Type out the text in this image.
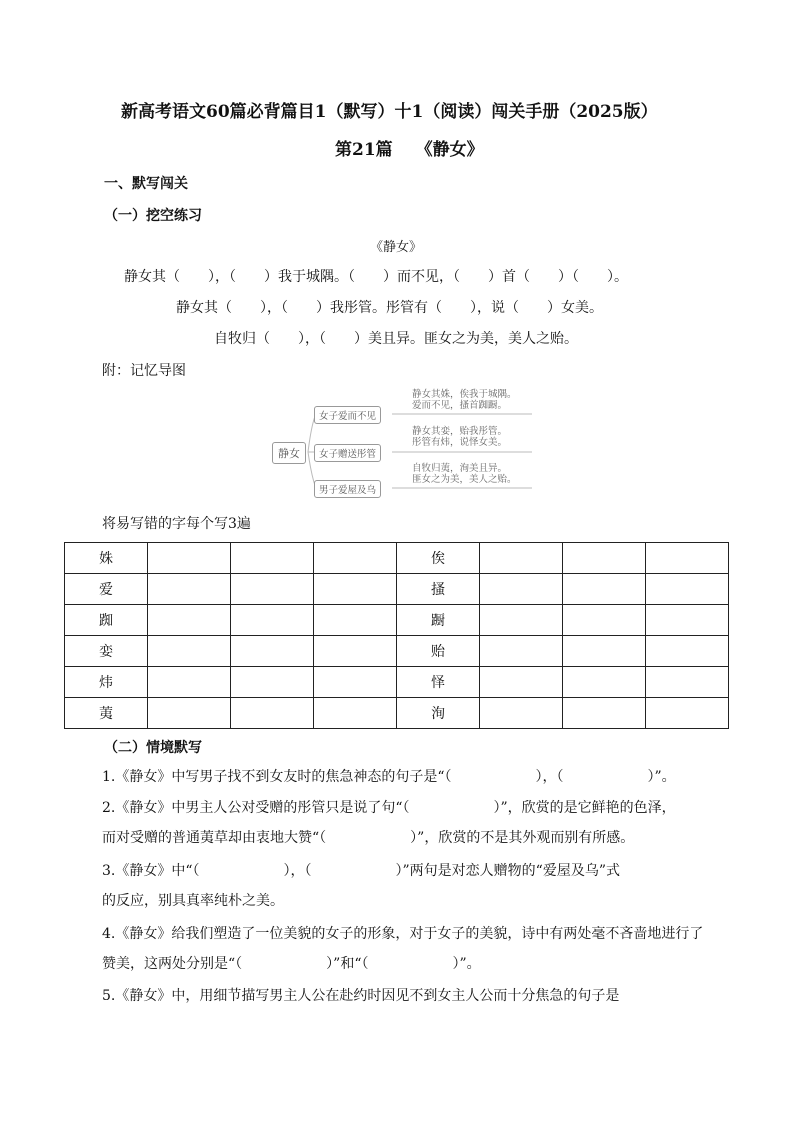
新高考语文60篇必背篇目1（默写）十1（阅读）闯关手册（2025版）
第21篇　 《静女》
一、默写闯关
（一）挖空练习
《静女》
静女其（　　），（　　）我于城隅。（　　）而不见，（　　）首（　　）（　　）。
静女其（　　），（　　）我彤管。彤管有（　　），说（　　）女美。
自牧归（　　），（　　）美且异。匪女之为美，美人之贻。
附：记忆导图
静女
女子爱而不见
女子赠送彤管
男子爱屋及乌
静女其姝，俟我于城隅。
爱而不见，搔首踟蹰。
静女其娈，贻我彤管。
彤管有炜，说怿女美。
自牧归荑，洵美且异。
匪女之为美，美人之贻。
将易写错的字每个写3遍
姝				俟			
爱				搔			
踟				蹰			
娈				贻			
炜				怿			
荑				洵			
（二）情境默写
1.《静女》中写男子找不到女友时的焦急神态的句子是“（　　　　　　），（　　　　　　）”。
2.《静女》中男主人公对受赠的彤管只是说了句“（　　　　　　）”，欣赏的是它鲜艳的色泽，
而对受赠的普通荑草却由衷地大赞“（　　　　　　）”，欣赏的不是其外观而别有所感。
3.《静女》中“（　　　　　　），（　　　　　　）”两句是对恋人赠物的“爱屋及乌”式
的反应，别具真率纯朴之美。
4.《静女》给我们塑造了一位美貌的女子的形象，对于女子的美貌，诗中有两处毫不吝啬地进行了
赞美，这两处分别是“（　　　　　　）”和“（　　　　　　）”。
5.《静女》中，用细节描写男主人公在赴约时因见不到女主人公而十分焦急的句子是
